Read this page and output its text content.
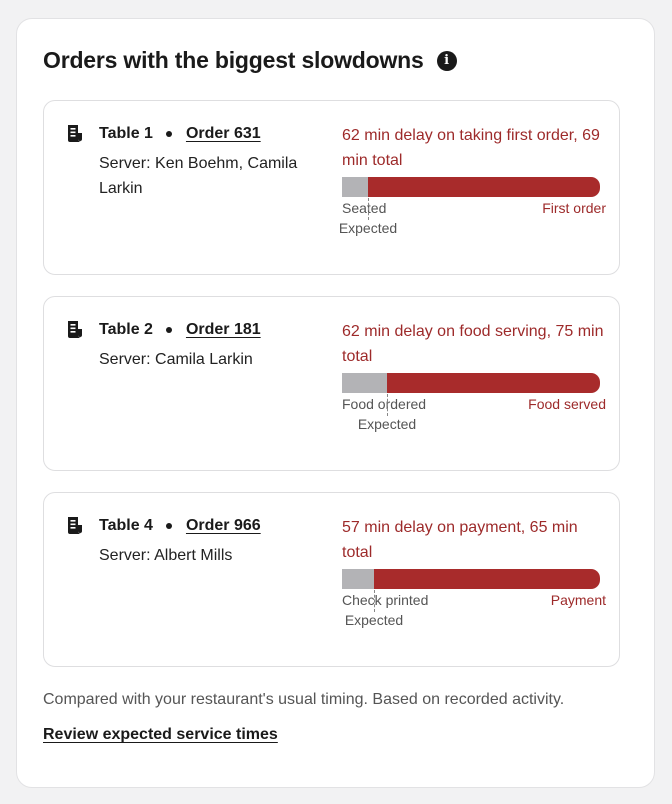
Orders with the biggest slowdowns	i
Table 1 Order 631
Server: Ken Boehm, Camila Larkin
62 min delay on taking first order, 69 min total
Seated	First order
Expected
Table 2 Order 181
Server: Camila Larkin
62 min delay on food serving, 75 min total
Food ordered	Food served
Expected
Table 4 Order 966
Server: Albert Mills
57 min delay on payment, 65 min total
Check printed	Payment
Expected

Compared with your restaurant's usual timing. Based on recorded activity.

Review expected service times
